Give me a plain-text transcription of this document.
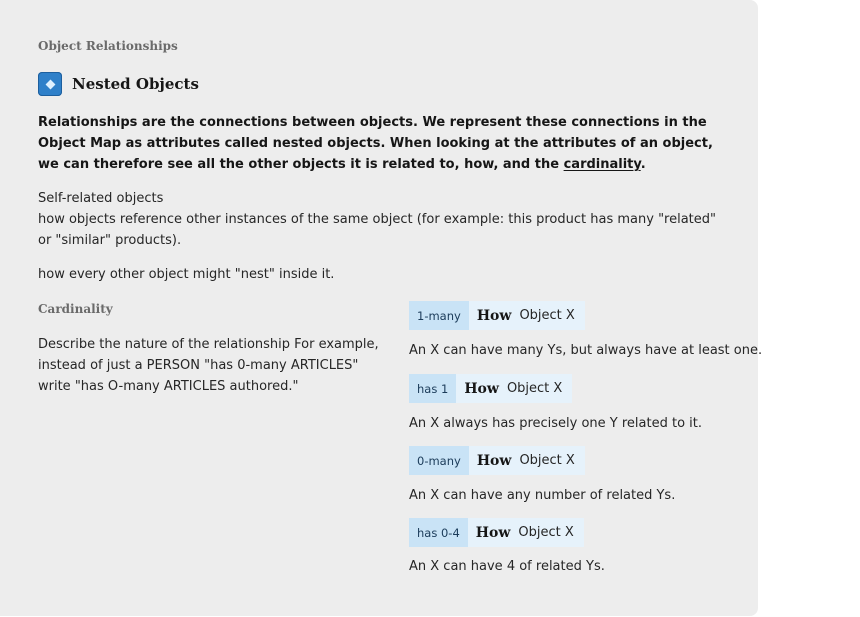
Object Relationships
Nested Objects
Relationships are the connections between objects. We represent these connections in the Object Map as attributes called nested objects. When looking at the attributes of an object, we can therefore see all the other objects it is related to, how, and the cardinality.
Self-related objects
how objects reference other instances of the same object (for example: this product has many "related" or "similar" products).
how every other object might "nest" inside it.
Cardinality
Describe the nature of the relationship For example, instead of just a PERSON "has 0-many ARTICLES" write "has O-many ARTICLES authored."
1-many	How Object X
An X can have many Ys, but always have at least one.
has 1	How Object X
An X always has precisely one Y related to it.
0-many	How Object X
An X can have any number of related Ys.
has 0-4	How Object X
An X can have 4 of related Ys.
